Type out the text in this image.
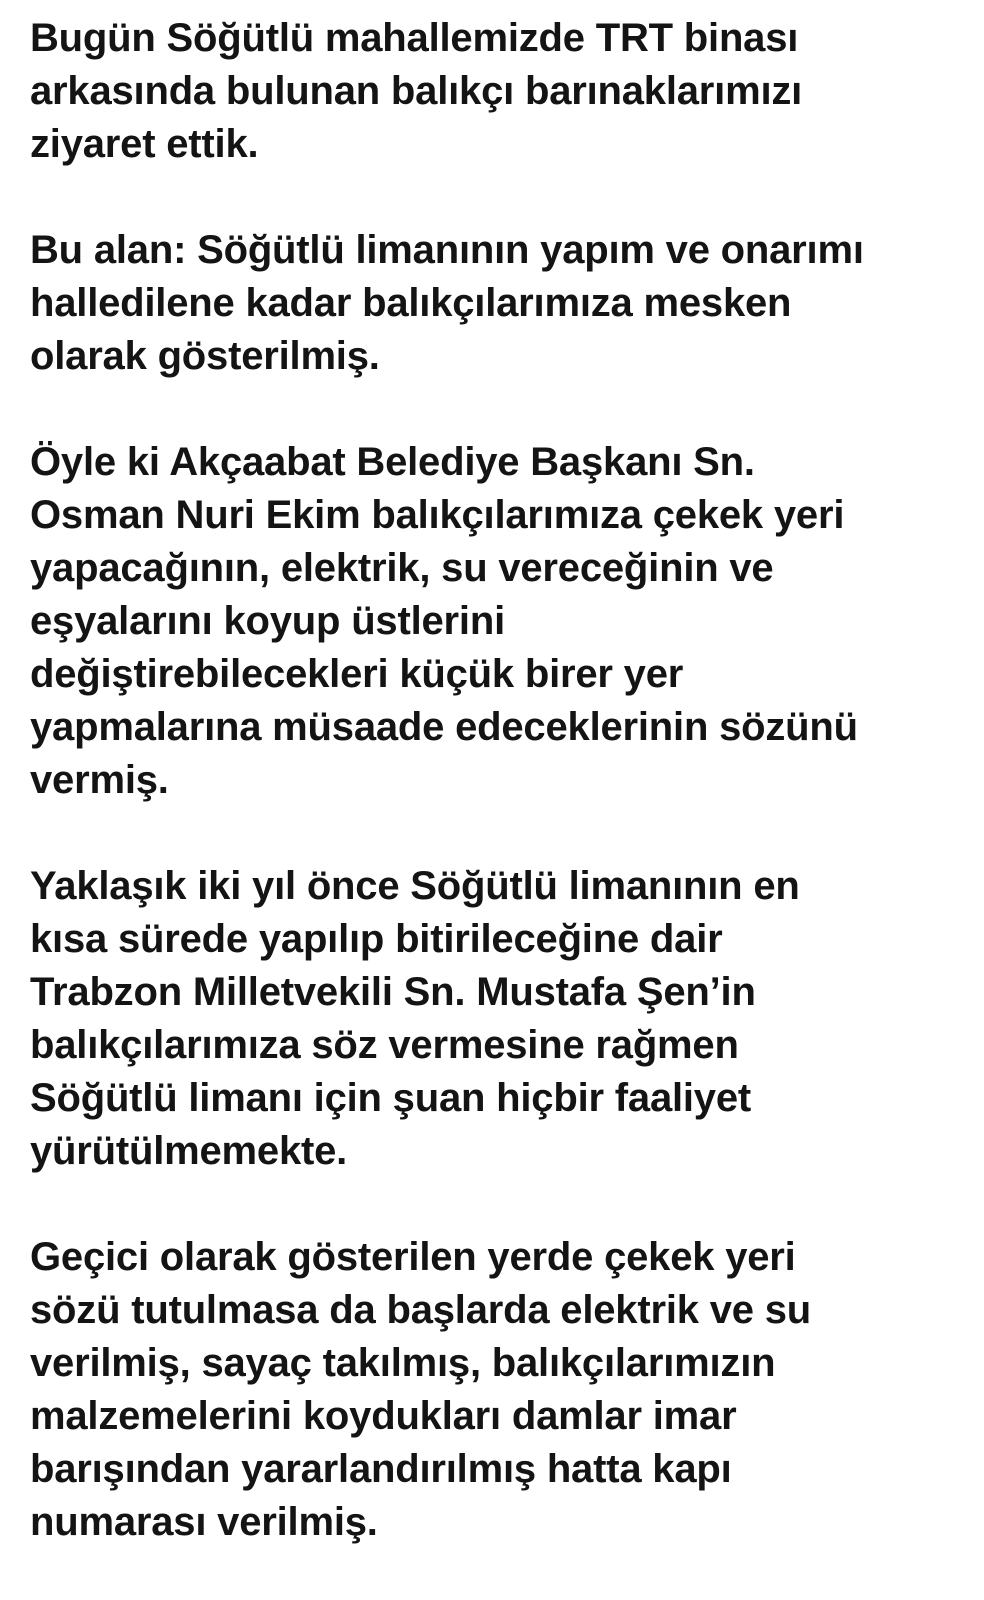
Bugün Söğütlü mahallemizde TRT binası
arkasında bulunan balıkçı barınaklarımızı
ziyaret ettik.
Bu alan: Söğütlü limanının yapım ve onarımı
halledilene kadar balıkçılarımıza mesken
olarak gösterilmiş.
Öyle ki Akçaabat Belediye Başkanı Sn.
Osman Nuri Ekim balıkçılarımıza çekek yeri
yapacağının, elektrik, su vereceğinin ve
eşyalarını koyup üstlerini
değiştirebilecekleri küçük birer yer
yapmalarına müsaade edeceklerinin sözünü
vermiş.
Yaklaşık iki yıl önce Söğütlü limanının en
kısa sürede yapılıp bitirileceğine dair
Trabzon Milletvekili Sn. Mustafa Şen’in
balıkçılarımıza söz vermesine rağmen
Söğütlü limanı için şuan hiçbir faaliyet
yürütülmemekte.
Geçici olarak gösterilen yerde çekek yeri
sözü tutulmasa da başlarda elektrik ve su
verilmiş, sayaç takılmış, balıkçılarımızın
malzemelerini koydukları damlar imar
barışından yararlandırılmış hatta kapı
numarası verilmiş.
